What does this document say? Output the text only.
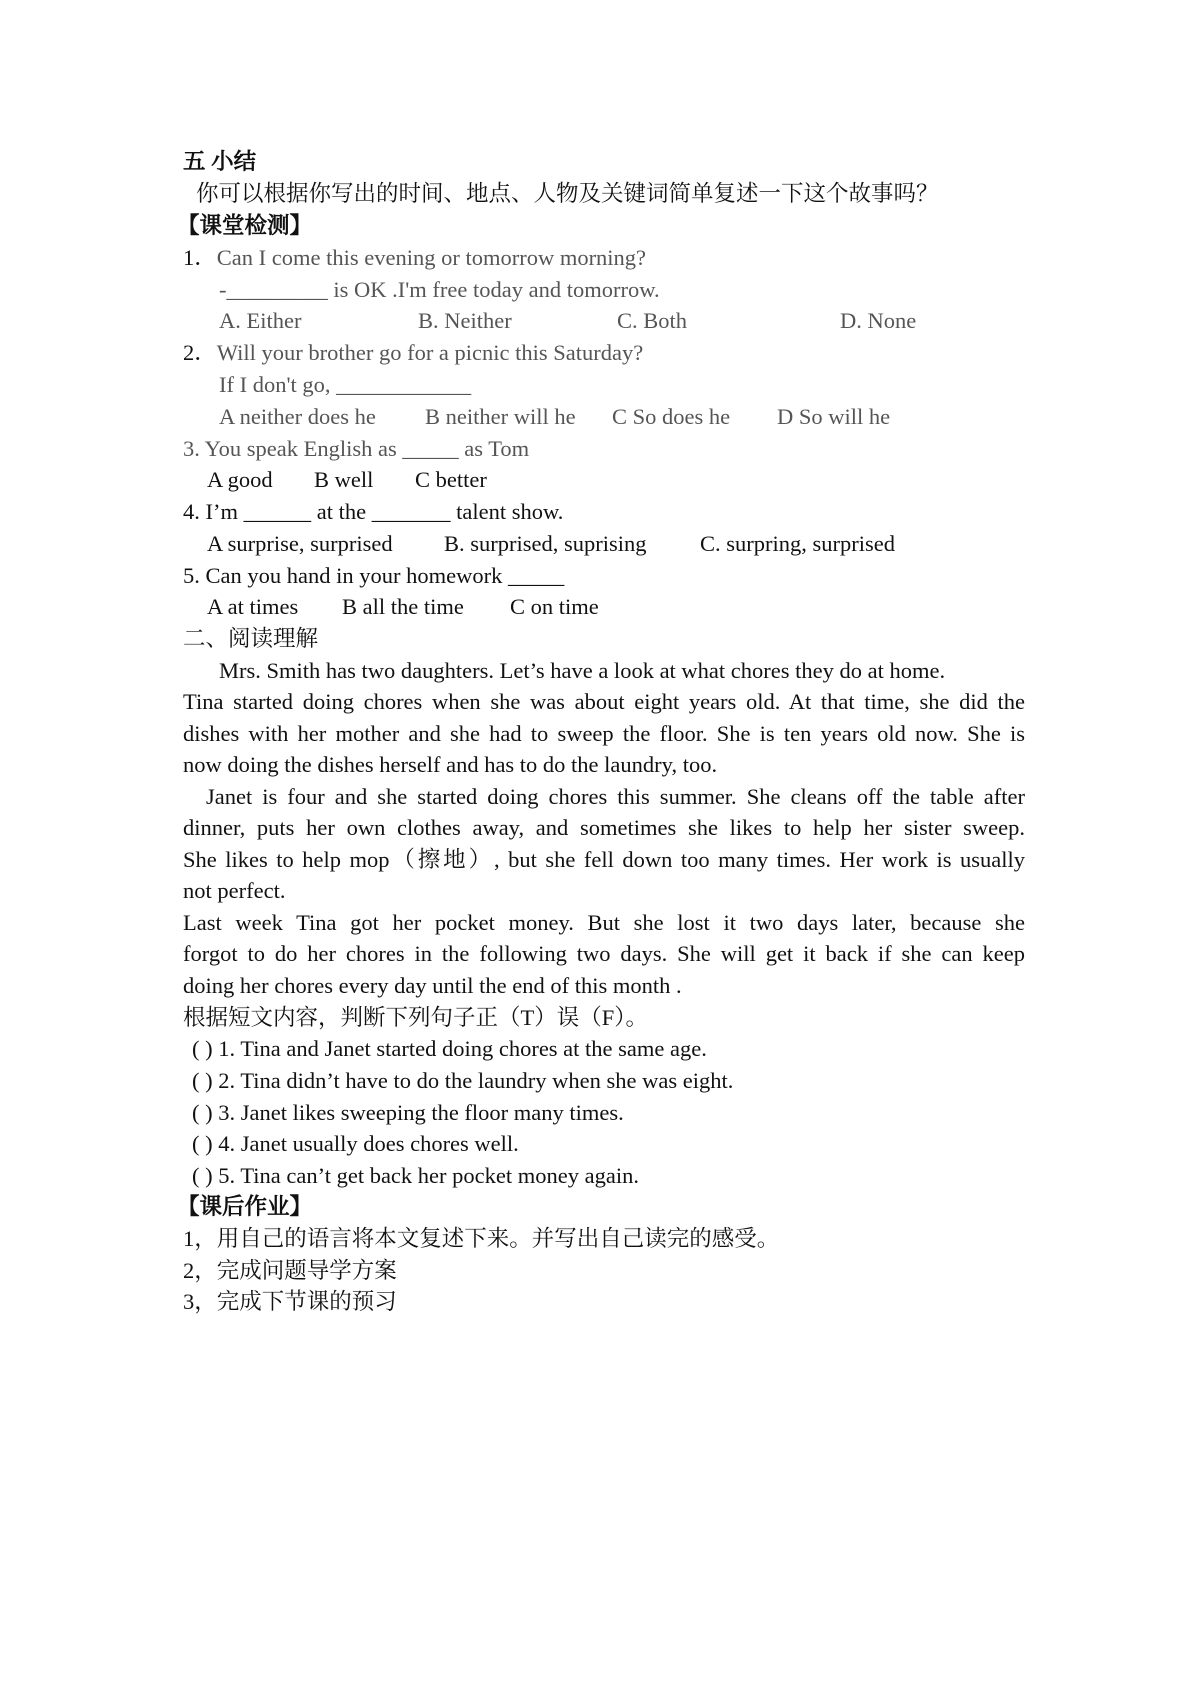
五 小结
你可以根据你写出的时间、地点、人物及关键词简单复述一下这个故事吗？
【课堂检测】
1．Can I come this evening or tomorrow morning?
-_________ is OK .I'm free today and tomorrow.
A. Either	B. Neither	C. Both	D. None
2．Will your brother go for a picnic this Saturday?
If I don't go, ____________
A neither does he B neither will he C So does he D So will he
3. You speak English as _____ as Tom
A good B well C better
4. I’m ______ at the _______ talent show.
A surprise, surprised B. surprised, suprising C. surpring, surprised
5. Can you hand in your homework _____
A at times B all the time C on time
二、阅读理解
Mrs. Smith has two daughters. Let’s have a look at what chores they do at home.
Tina started doing chores when she was about eight years old. At that time, she did the
dishes with her mother and she had to sweep the floor. She is ten years old now. She is
now doing the dishes herself and has to do the laundry, too.
Janet is four and she started doing chores this summer. She cleans off the table after
dinner, puts her own clothes away, and sometimes she likes to help her sister sweep.
She likes to help mop（擦地）, but she fell down too many times. Her work is usually
not perfect.
Last week Tina got her pocket money. But she lost it two days later, because she
forgot to do her chores in the following two days. She will get it back if she can keep
doing her chores every day until the end of this month .
根据短文内容，判断下列句子正（T）误（F）。
( ) 1. Tina and Janet started doing chores at the same age.
( ) 2. Tina didn’t have to do the laundry when she was eight.
( ) 3. Janet likes sweeping the floor many times.
( ) 4. Janet usually does chores well.
( ) 5. Tina can’t get back her pocket money again.
【课后作业】
1，用自己的语言将本文复述下来。并写出自己读完的感受。
2，完成问题导学方案
3，完成下节课的预习
